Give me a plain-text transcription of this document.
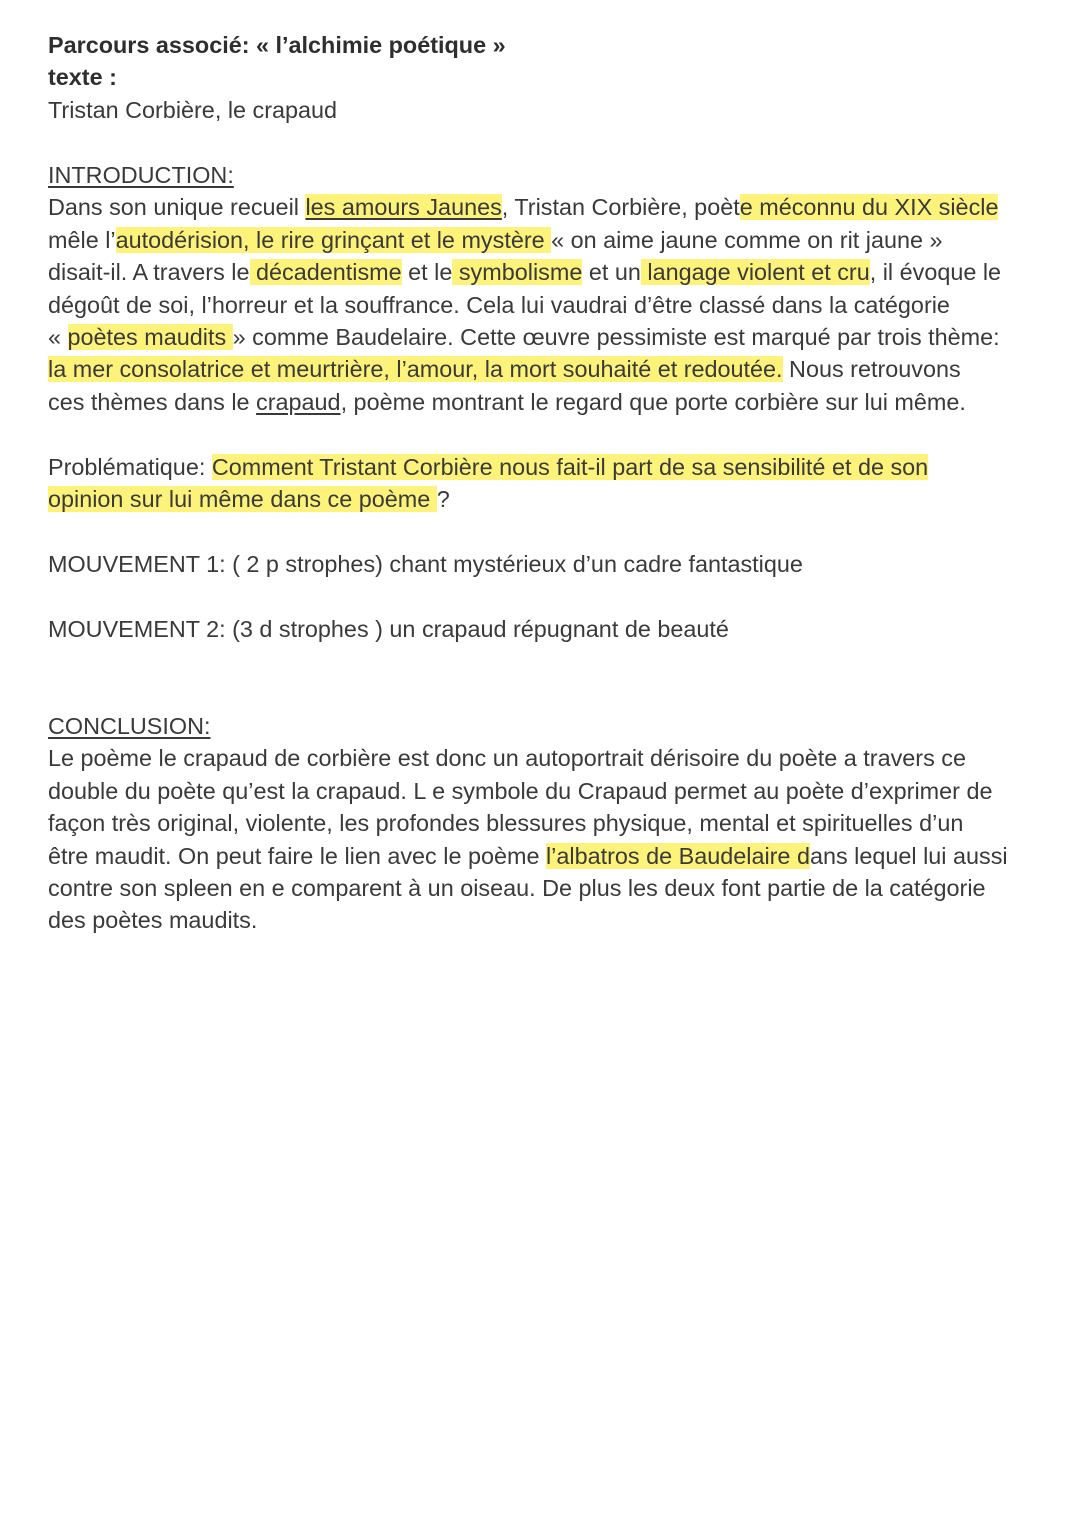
Parcours associé: « l’alchimie poétique »
texte :
Tristan Corbière, le crapaud
INTRODUCTION:
Dans son unique recueil les amours Jaunes, Tristan Corbière, poète méconnu du XIX siècle
mêle l’autodérision, le rire grinçant et le mystère « on aime jaune comme on rit jaune »
disait-il. A travers le décadentisme et le symbolisme et un langage violent et cru, il évoque le
dégoût de soi, l’horreur et la souffrance. Cela lui vaudrai d’être classé dans la catégorie
« poètes maudits » comme Baudelaire. Cette œuvre pessimiste est marqué par trois thème:
la mer consolatrice et meurtrière, l’amour, la mort souhaité et redoutée. Nous retrouvons
ces thèmes dans le crapaud, poème montrant le regard que porte corbière sur lui même.
Problématique: Comment Tristant Corbière nous fait-il part de sa sensibilité et de son
opinion sur lui même dans ce poème ?
MOUVEMENT 1: ( 2 p strophes) chant mystérieux d’un cadre fantastique
MOUVEMENT 2: (3 d strophes ) un crapaud répugnant de beauté
CONCLUSION:
Le poème le crapaud de corbière est donc un autoportrait dérisoire du poète a travers ce
double du poète qu’est la crapaud. L e symbole du Crapaud permet au poète d’exprimer de
façon très original, violente, les profondes blessures physique, mental et spirituelles d’un
être maudit. On peut faire le lien avec le poème l’albatros de Baudelaire dans lequel lui aussi
contre son spleen en e comparent à un oiseau. De plus les deux font partie de la catégorie
des poètes maudits.
